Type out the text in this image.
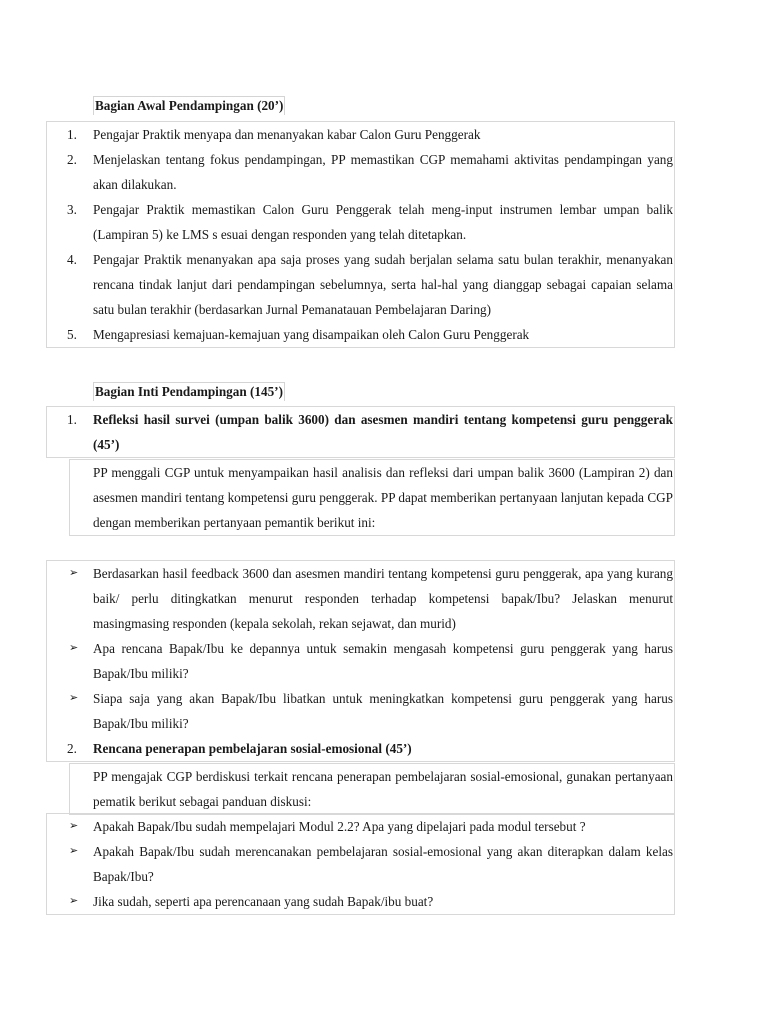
Bagian Awal Pendampingan (20’)
1.	Pengajar Praktik menyapa dan menanyakan kabar Calon Guru Penggerak
2.	Menjelaskan tentang fokus pendampingan, PP memastikan CGP memahami aktivitas pendampingan yang akan dilakukan.
3.	Pengajar Praktik memastikan Calon Guru Penggerak telah meng-input instrumen lembar umpan balik (Lampiran 5) ke LMS s esuai dengan responden yang telah ditetapkan.
4.	Pengajar Praktik menanyakan apa saja proses yang sudah berjalan selama satu bulan terakhir, menanyakan rencana tindak lanjut dari pendampingan sebelumnya, serta hal-hal yang dianggap sebagai capaian selama satu bulan terakhir (berdasarkan Jurnal Pemanatauan Pembelajaran Daring)
5.	Mengapresiasi kemajuan-kemajuan yang disampaikan oleh Calon Guru Penggerak
Bagian Inti Pendampingan (145’)
1.	Refleksi hasil survei (umpan balik 3600) dan asesmen mandiri tentang kompetensi guru penggerak (45’)
PP menggali CGP untuk menyampaikan hasil analisis dan refleksi dari umpan balik 3600 (Lampiran 2) dan asesmen mandiri tentang kompetensi guru penggerak. PP dapat memberikan pertanyaan lanjutan kepada CGP dengan memberikan pertanyaan pemantik berikut ini:
➢	Berdasarkan hasil feedback 3600 dan asesmen mandiri tentang kompetensi guru penggerak, apa yang kurang baik/ perlu ditingkatkan menurut responden terhadap kompetensi bapak/Ibu? Jelaskan menurut masingmasing responden (kepala sekolah, rekan sejawat, dan murid)
➢	Apa rencana Bapak/Ibu ke depannya untuk semakin mengasah kompetensi guru penggerak yang harus Bapak/Ibu miliki?
➢	Siapa saja yang akan Bapak/Ibu libatkan untuk meningkatkan kompetensi guru penggerak yang harus Bapak/Ibu miliki?
2.	Rencana penerapan pembelajaran sosial-emosional (45’)
PP mengajak CGP berdiskusi terkait rencana penerapan pembelajaran sosial-emosional, gunakan pertanyaan pematik berikut sebagai panduan diskusi:
➢	Apakah Bapak/Ibu sudah mempelajari Modul 2.2? Apa yang dipelajari pada modul tersebut ?
➢	Apakah Bapak/Ibu sudah merencanakan pembelajaran sosial-emosional yang akan diterapkan dalam kelas Bapak/Ibu?
➢	Jika sudah, seperti apa perencanaan yang sudah Bapak/ibu buat?
